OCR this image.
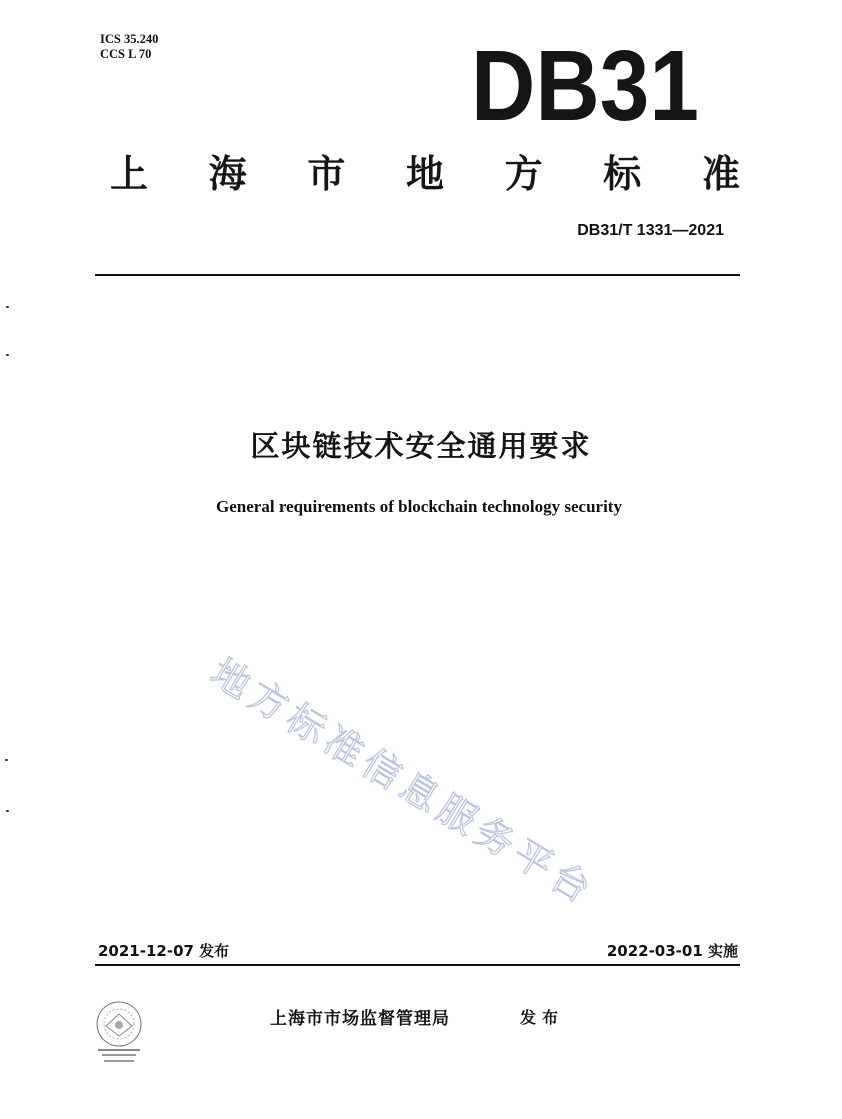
ICS 35.240
CCS L 70	DB31
上 海 市 地 方 标 准
DB31/T 1331—2021
区块链技术安全通用要求
General requirements of blockchain technology security
地方标准信息服务平台
2021-12-07 发布	2022-03-01 实施
上海市市场监督管理局	发布
